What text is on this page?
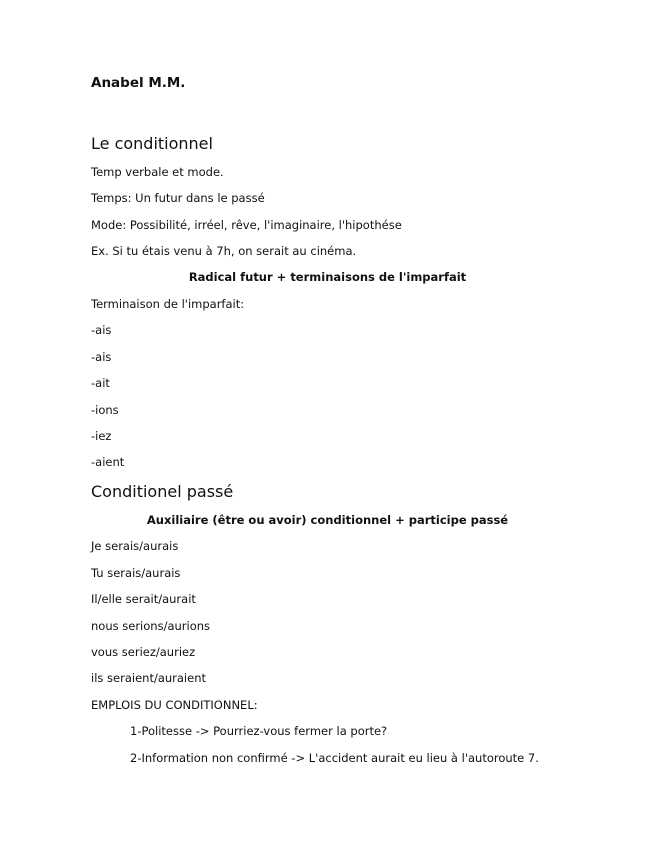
Anabel M.M.
Le conditionnel
Temp verbale et mode.
Temps: Un futur dans le passé
Mode: Possibilité, irréel, rêve, l'imaginaire, l'hipothése
Ex. Si tu étais venu à 7h, on serait au cinéma.
Radical futur + terminaisons de l'imparfait
Terminaison de l'imparfait:
-ais
-ais
-ait
-ions
-iez
-aient
Conditionel passé
Auxiliaire (être ou avoir) conditionnel + participe passé
Je serais/aurais
Tu serais/aurais
Il/elle serait/aurait
nous serions/aurions
vous seriez/auriez
ils seraient/auraient
EMPLOIS DU CONDITIONNEL:
1-Politesse -> Pourriez-vous fermer la porte?
2-Information non confirmé -> L'accident aurait eu lieu à l'autoroute 7.
